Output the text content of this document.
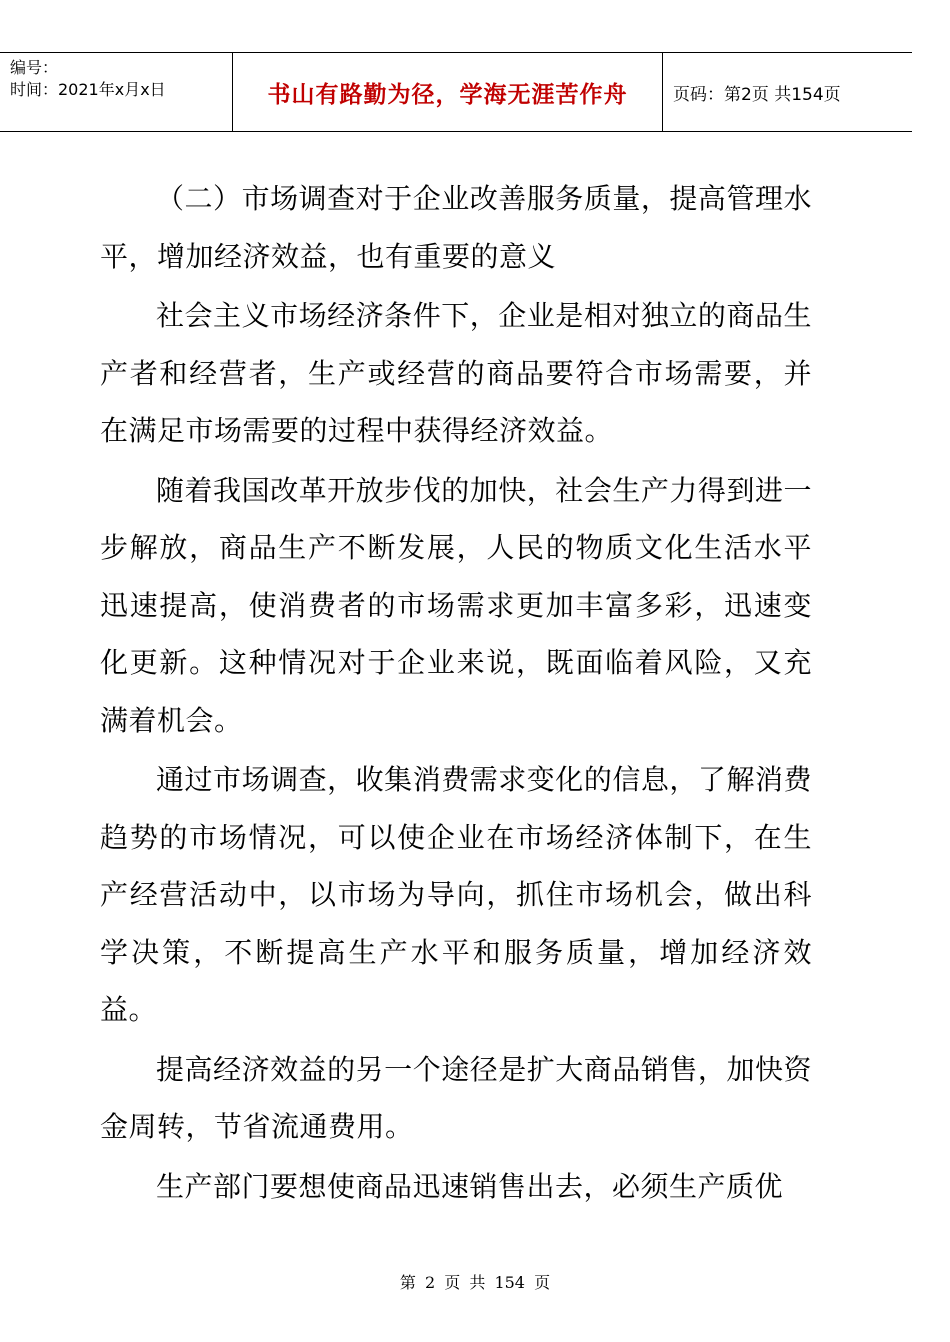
编号：
时间：2021年x月x日	书山有路勤为径，学海无涯苦作舟	页码：第2页 共154页

（二）市场调查对于企业改善服务质量，提高管理水平，增加经济效益，也有重要的意义

社会主义市场经济条件下，企业是相对独立的商品生产者和经营者，生产或经营的商品要符合市场需要，并在满足市场需要的过程中获得经济效益。

随着我国改革开放步伐的加快，社会生产力得到进一步解放，商品生产不断发展，人民的物质文化生活水平迅速提高，使消费者的市场需求更加丰富多彩，迅速变化更新。这种情况对于企业来说，既面临着风险，又充满着机会。

通过市场调查，收集消费需求变化的信息，了解消费趋势的市场情况，可以使企业在市场经济体制下，在生产经营活动中，以市场为导向，抓住市场机会，做出科学决策，不断提高生产水平和服务质量，增加经济效益。

提高经济效益的另一个途径是扩大商品销售，加快资金周转，节省流通费用。

生产部门要想使商品迅速销售出去，必须生产质优

第 2 页 共 154 页
